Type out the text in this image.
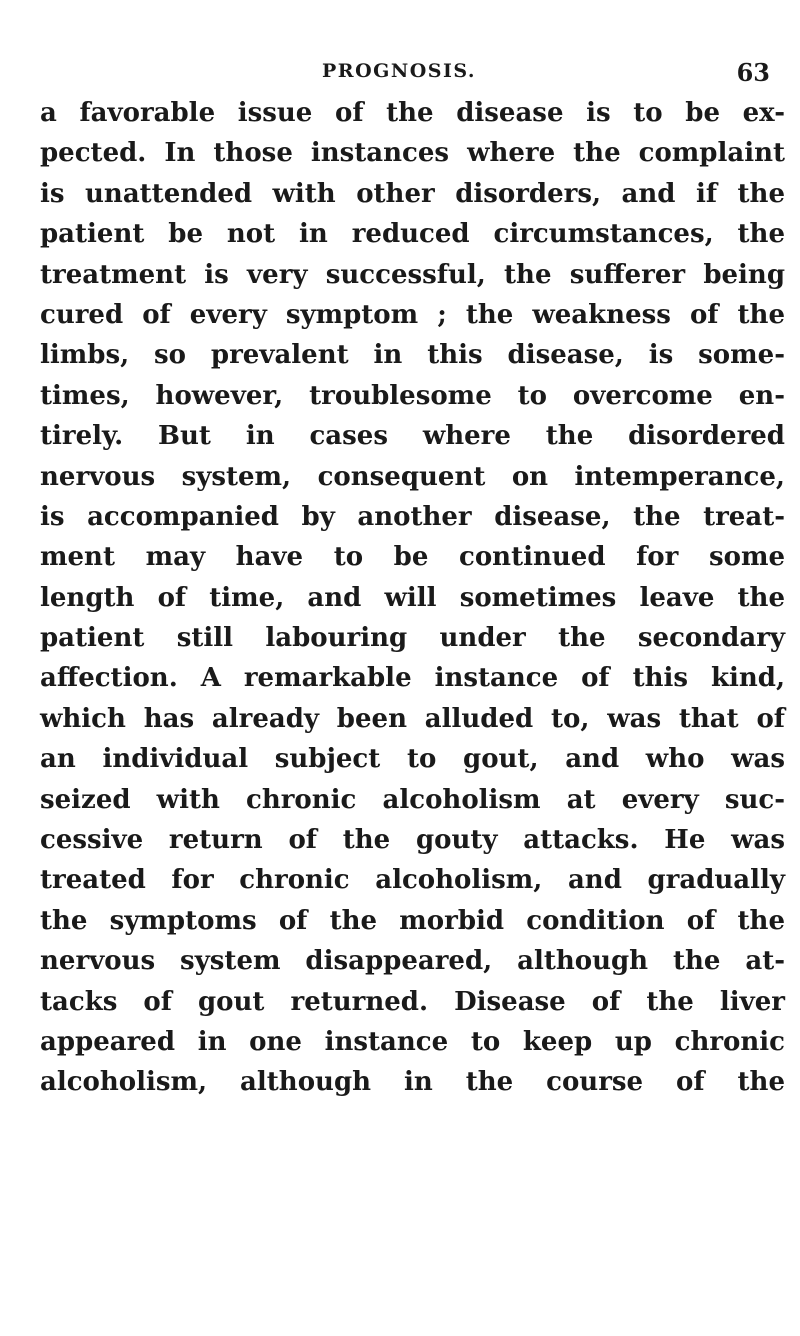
PROGNOSIS.	63
a favorable issue of the disease is to be ex-
pected. In those instances where the complaint
is unattended with other disorders, and if the
patient be not in reduced circumstances, the
treatment is very successful, the sufferer being
cured of every symptom ; the weakness of the
limbs, so prevalent in this disease, is some-
times, however, troublesome to overcome en-
tirely. But in cases where the disordered
nervous system, consequent on intemperance,
is accompanied by another disease, the treat-
ment may have to be continued for some
length of time, and will sometimes leave the
patient still labouring under the secondary
affection. A remarkable instance of this kind,
which has already been alluded to, was that of
an individual subject to gout, and who was
seized with chronic alcoholism at every suc-
cessive return of the gouty attacks. He was
treated for chronic alcoholism, and gradually
the symptoms of the morbid condition of the
nervous system disappeared, although the at-
tacks of gout returned. Disease of the liver
appeared in one instance to keep up chronic
alcoholism, although in the course of the
